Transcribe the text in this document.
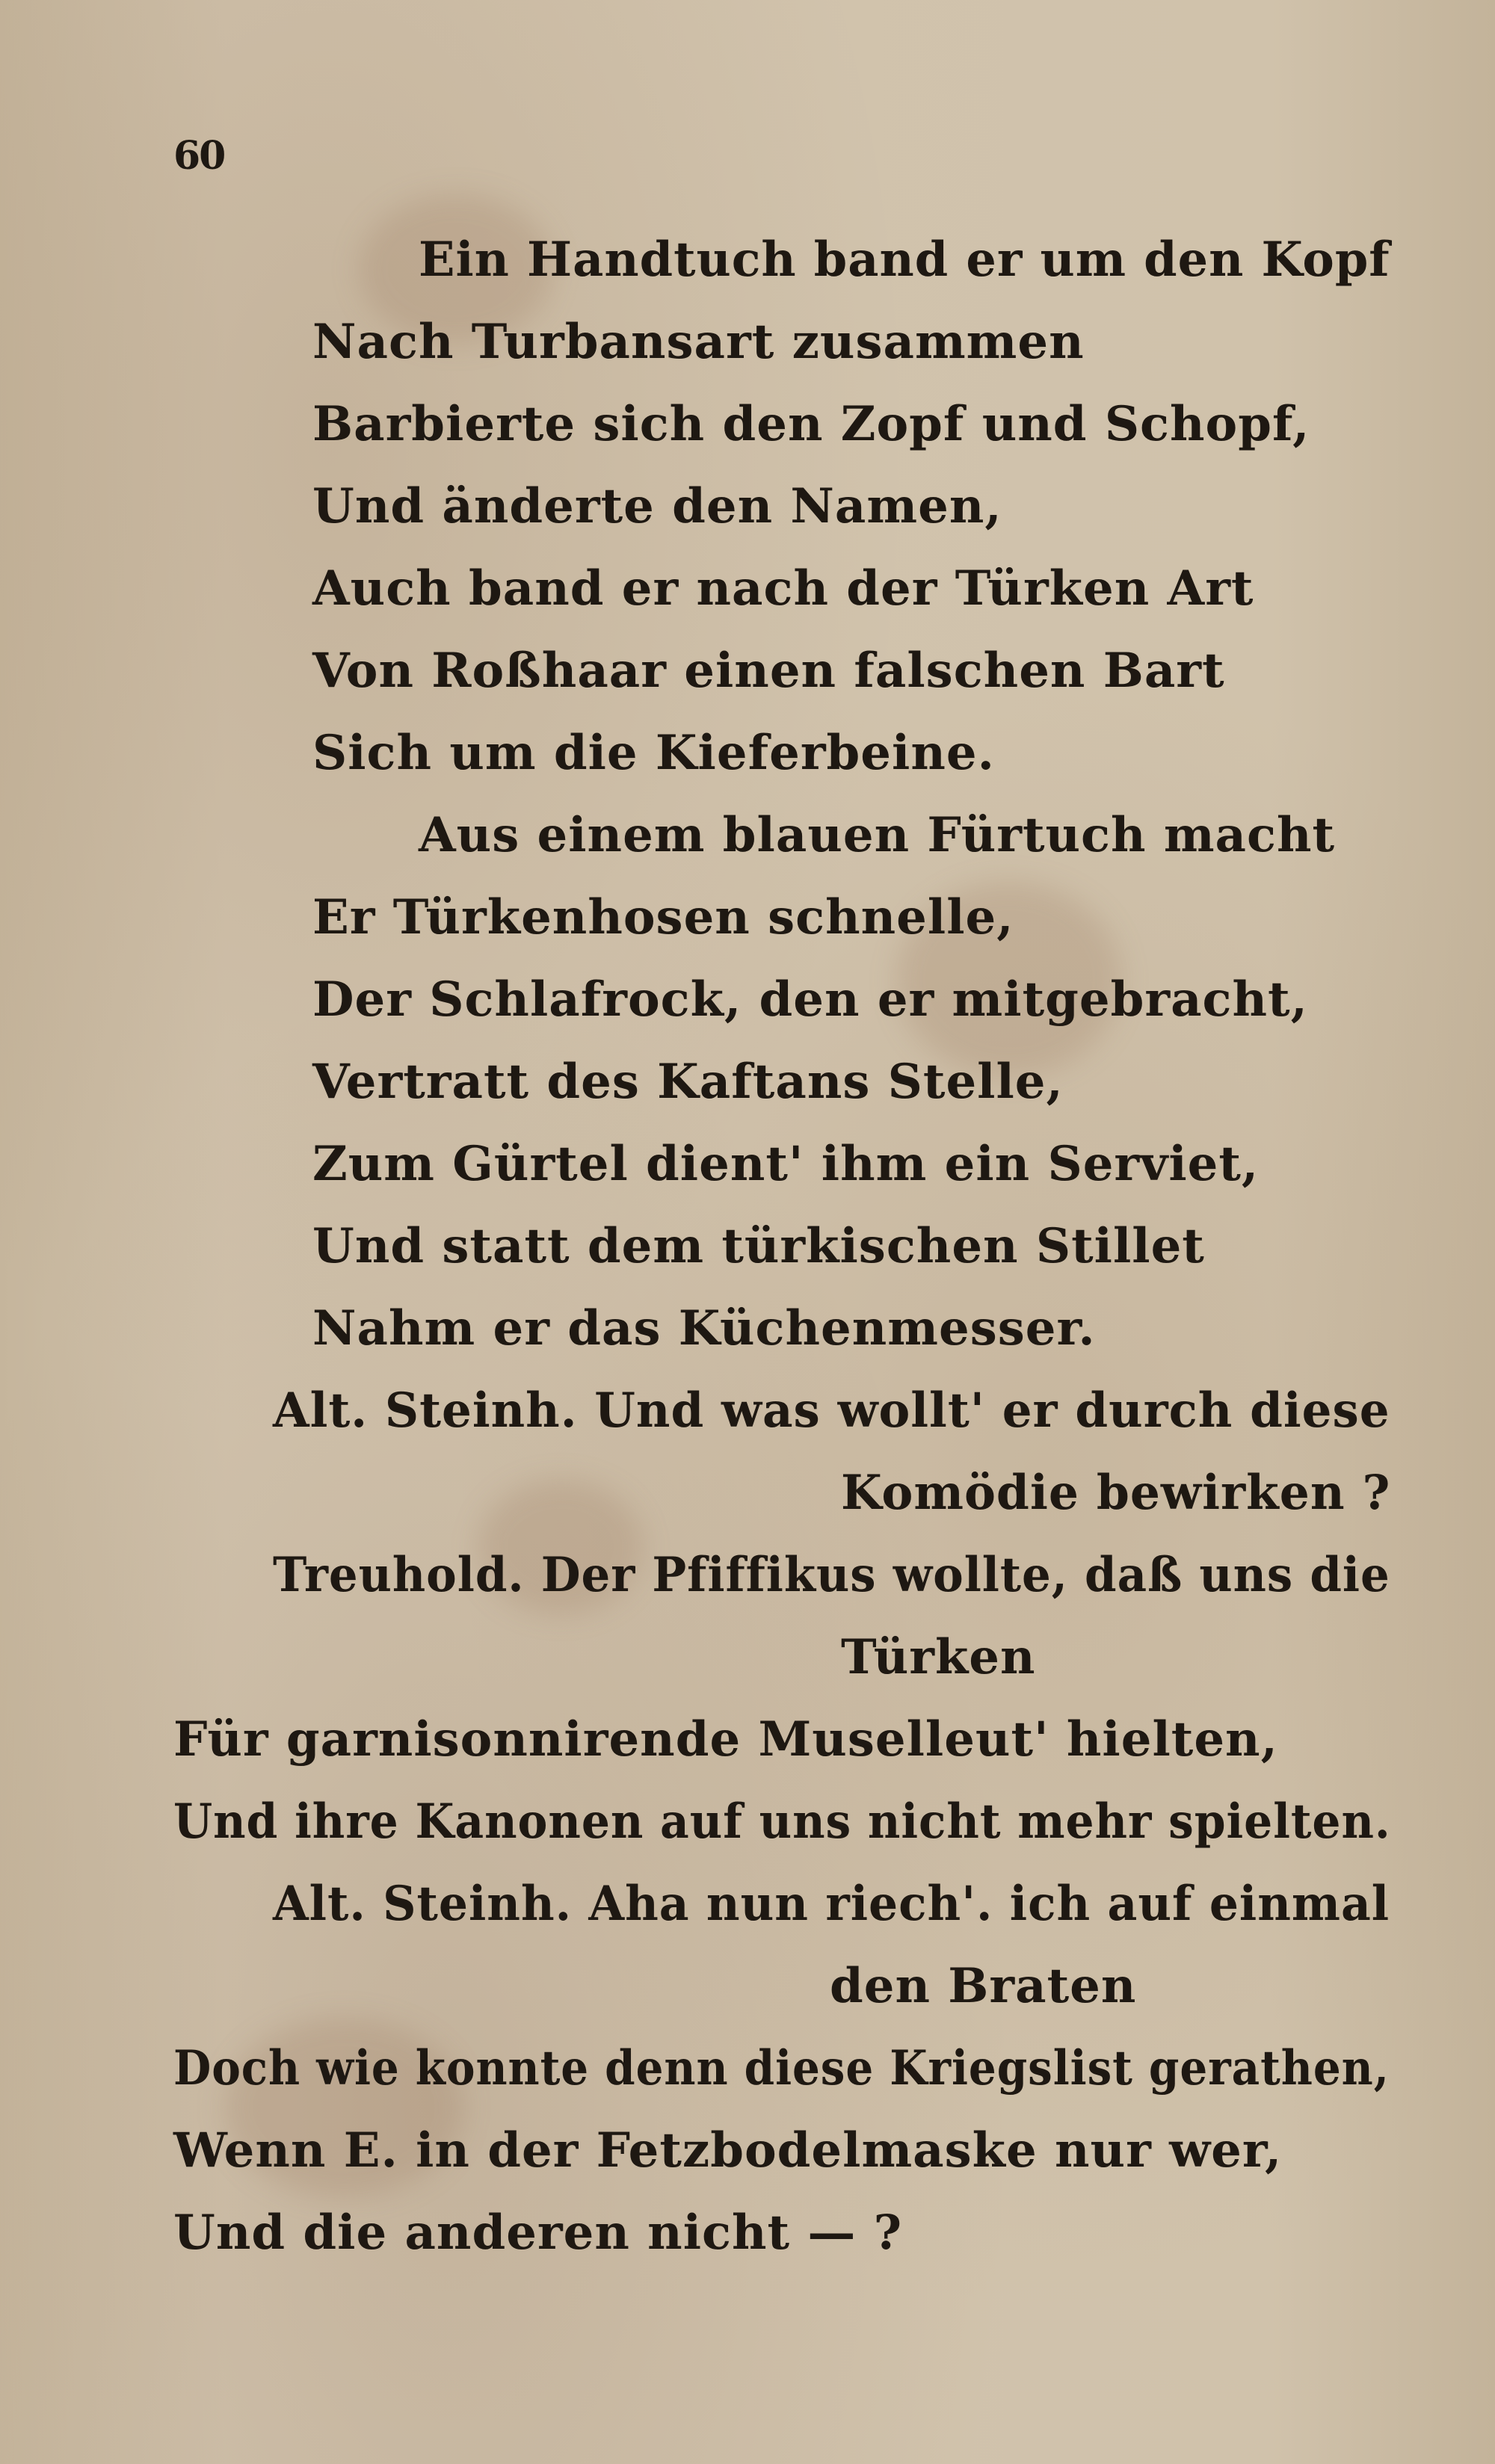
60
Ein Handtuch band er um den Kopf
Nach Turbansart zusammen
Barbierte sich den Zopf und Schopf,
Und änderte den Namen,
Auch band er nach der Türken Art
Von Roßhaar einen falschen Bart
Sich um die Kieferbeine.
Aus einem blauen Fürtuch macht
Er Türkenhosen schnelle,
Der Schlafrock, den er mitgebracht,
Vertratt des Kaftans Stelle,
Zum Gürtel dient' ihm ein Serviet,
Und statt dem türkischen Stillet
Nahm er das Küchenmesser.
Alt. Steinh. Und was wollt' er durch diese
Komödie bewirken ?
Treuhold. Der Pfiffikus wollte, daß uns die
Türken
Für garnisonnirende Muselleut' hielten,
Und ihre Kanonen auf uns nicht mehr spielten.
Alt. Steinh. Aha nun riech'. ich auf einmal
den Braten
Doch wie konnte denn diese Kriegslist gerathen,
Wenn E. in der Fetzbodelmaske nur wer,
Und die anderen nicht — ?
